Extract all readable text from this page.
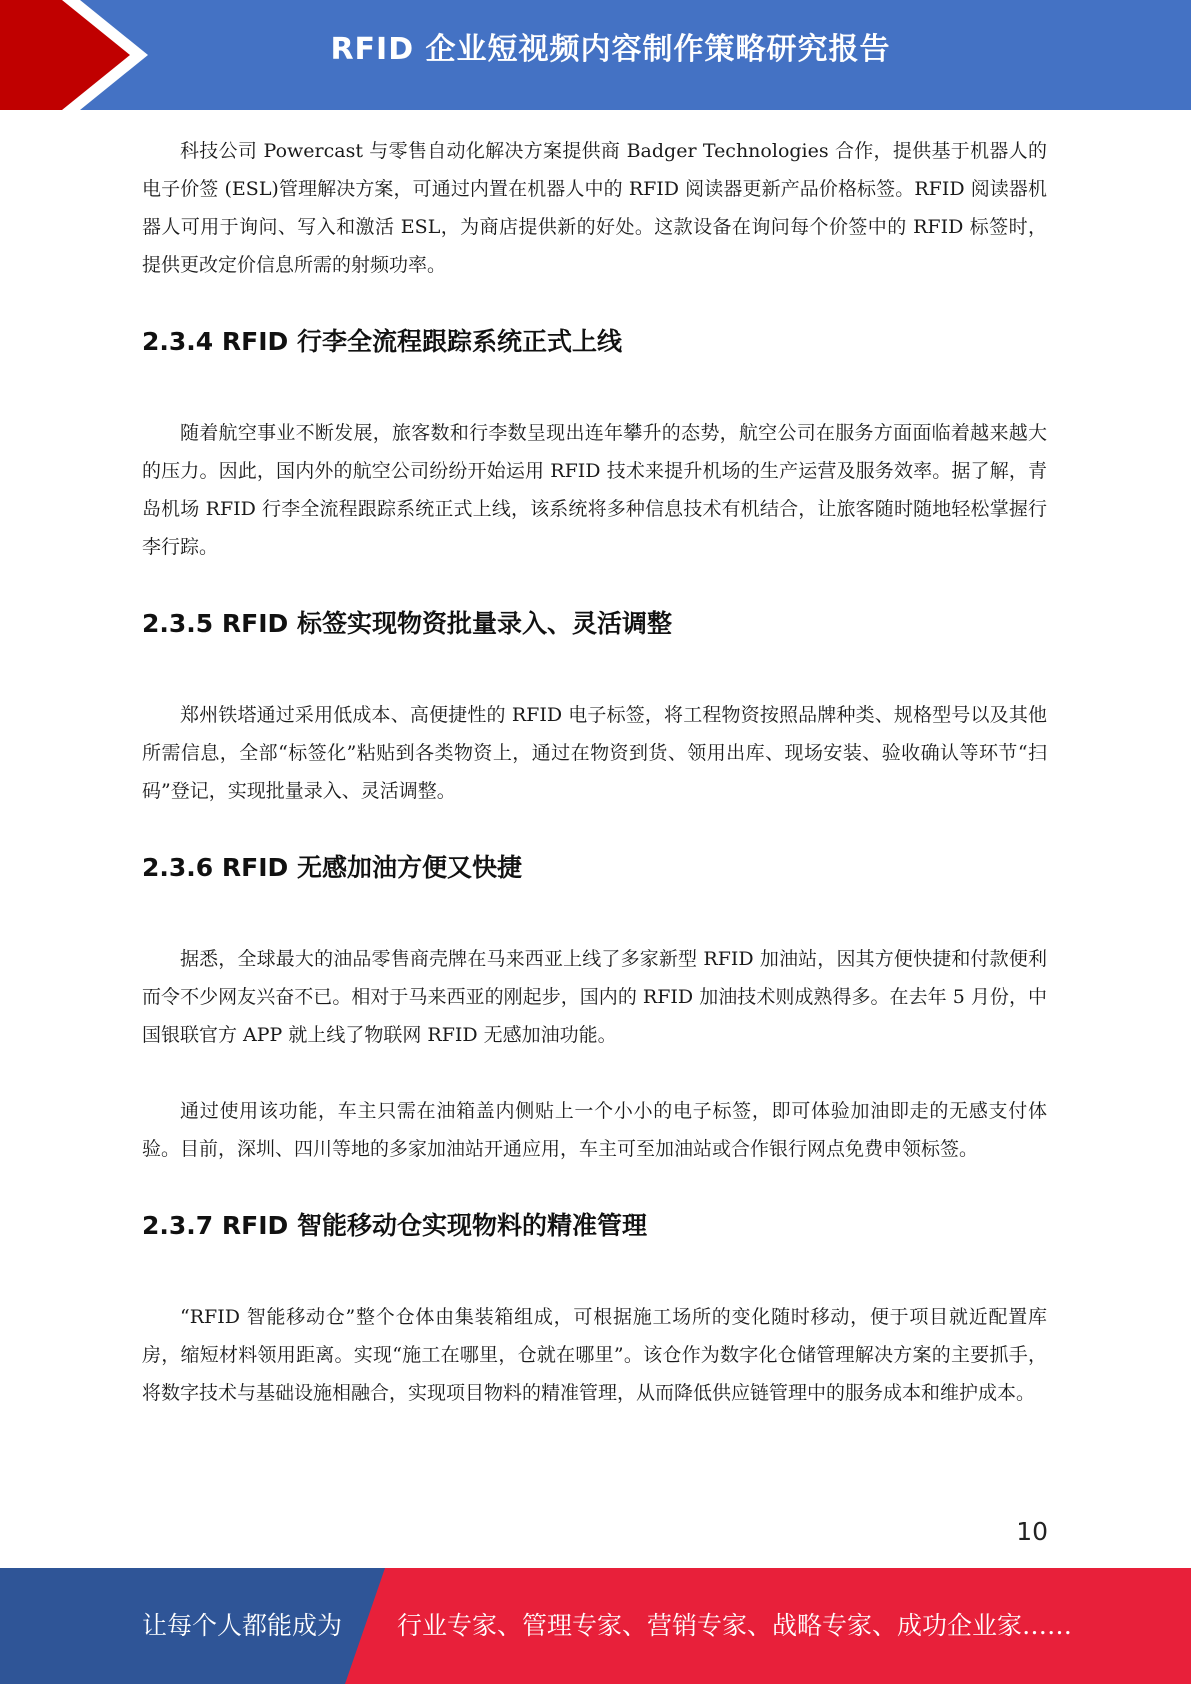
RFID 企业短视频内容制作策略研究报告

科技公司 Powercast 与零售自动化解决方案提供商 Badger Technologies 合作，提供基于机器人的电子价签 (ESL)管理解决方案，可通过内置在机器人中的 RFID 阅读器更新产品价格标签。RFID 阅读器机器人可用于询问、写入和激活 ESL，为商店提供新的好处。这款设备在询问每个价签中的 RFID 标签时，提供更改定价信息所需的射频功率。

2.3.4 RFID 行李全流程跟踪系统正式上线

随着航空事业不断发展，旅客数和行李数呈现出连年攀升的态势，航空公司在服务方面面临着越来越大的压力。因此，国内外的航空公司纷纷开始运用 RFID 技术来提升机场的生产运营及服务效率。据了解，青岛机场 RFID 行李全流程跟踪系统正式上线，该系统将多种信息技术有机结合，让旅客随时随地轻松掌握行李行踪。

2.3.5 RFID 标签实现物资批量录入、灵活调整

郑州铁塔通过采用低成本、高便捷性的 RFID 电子标签，将工程物资按照品牌种类、规格型号以及其他所需信息，全部“标签化”粘贴到各类物资上，通过在物资到货、领用出库、现场安装、验收确认等环节“扫码”登记，实现批量录入、灵活调整。

2.3.6 RFID 无感加油方便又快捷

据悉，全球最大的油品零售商壳牌在马来西亚上线了多家新型 RFID 加油站，因其方便快捷和付款便利而令不少网友兴奋不已。相对于马来西亚的刚起步，国内的 RFID 加油技术则成熟得多。在去年 5 月份，中国银联官方 APP 就上线了物联网 RFID 无感加油功能。

通过使用该功能，车主只需在油箱盖内侧贴上一个小小的电子标签，即可体验加油即走的无感支付体验。目前，深圳、四川等地的多家加油站开通应用，车主可至加油站或合作银行网点免费申领标签。

2.3.7 RFID 智能移动仓实现物料的精准管理

“RFID 智能移动仓”整个仓体由集装箱组成，可根据施工场所的变化随时移动，便于项目就近配置库房，缩短材料领用距离。实现“施工在哪里，仓就在哪里”。该仓作为数字化仓储管理解决方案的主要抓手，将数字技术与基础设施相融合，实现项目物料的精准管理，从而降低供应链管理中的服务成本和维护成本。

10
让每个人都能成为 行业专家、管理专家、营销专家、战略专家、成功企业家……
